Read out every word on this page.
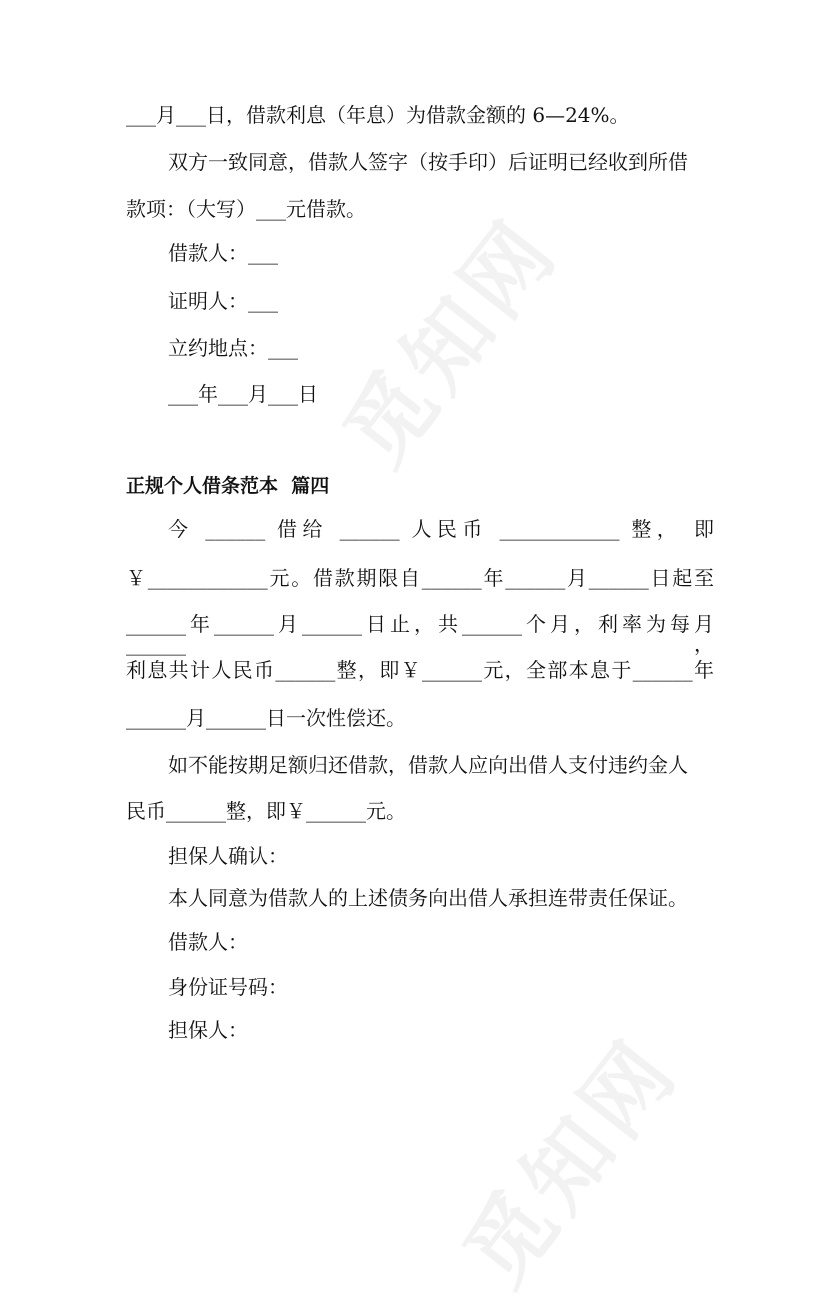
觅知网
觅知网
___月___日，借款利息（年息）为借款金额的 6—24%。
双方一致同意，借款人签字（按手印）后证明已经收到所借
款项：（大写）___元借款。
借款人：___
证明人：___
立约地点：___
___年___月___日
正规个人借条范本  篇四
今 ______ 借给 ______ 人民币 ____________ 整， 即
￥____________元。借款期限自______年______月______日起至
______年______月______日止，共______个月，利率为每月______，
利息共计人民币______整，即￥______元，全部本息于______年
______月______日一次性偿还。
如不能按期足额归还借款，借款人应向出借人支付违约金人
民币______整，即￥______元。
担保人确认：
本人同意为借款人的上述债务向出借人承担连带责任保证。
借款人：
身份证号码：
担保人：
